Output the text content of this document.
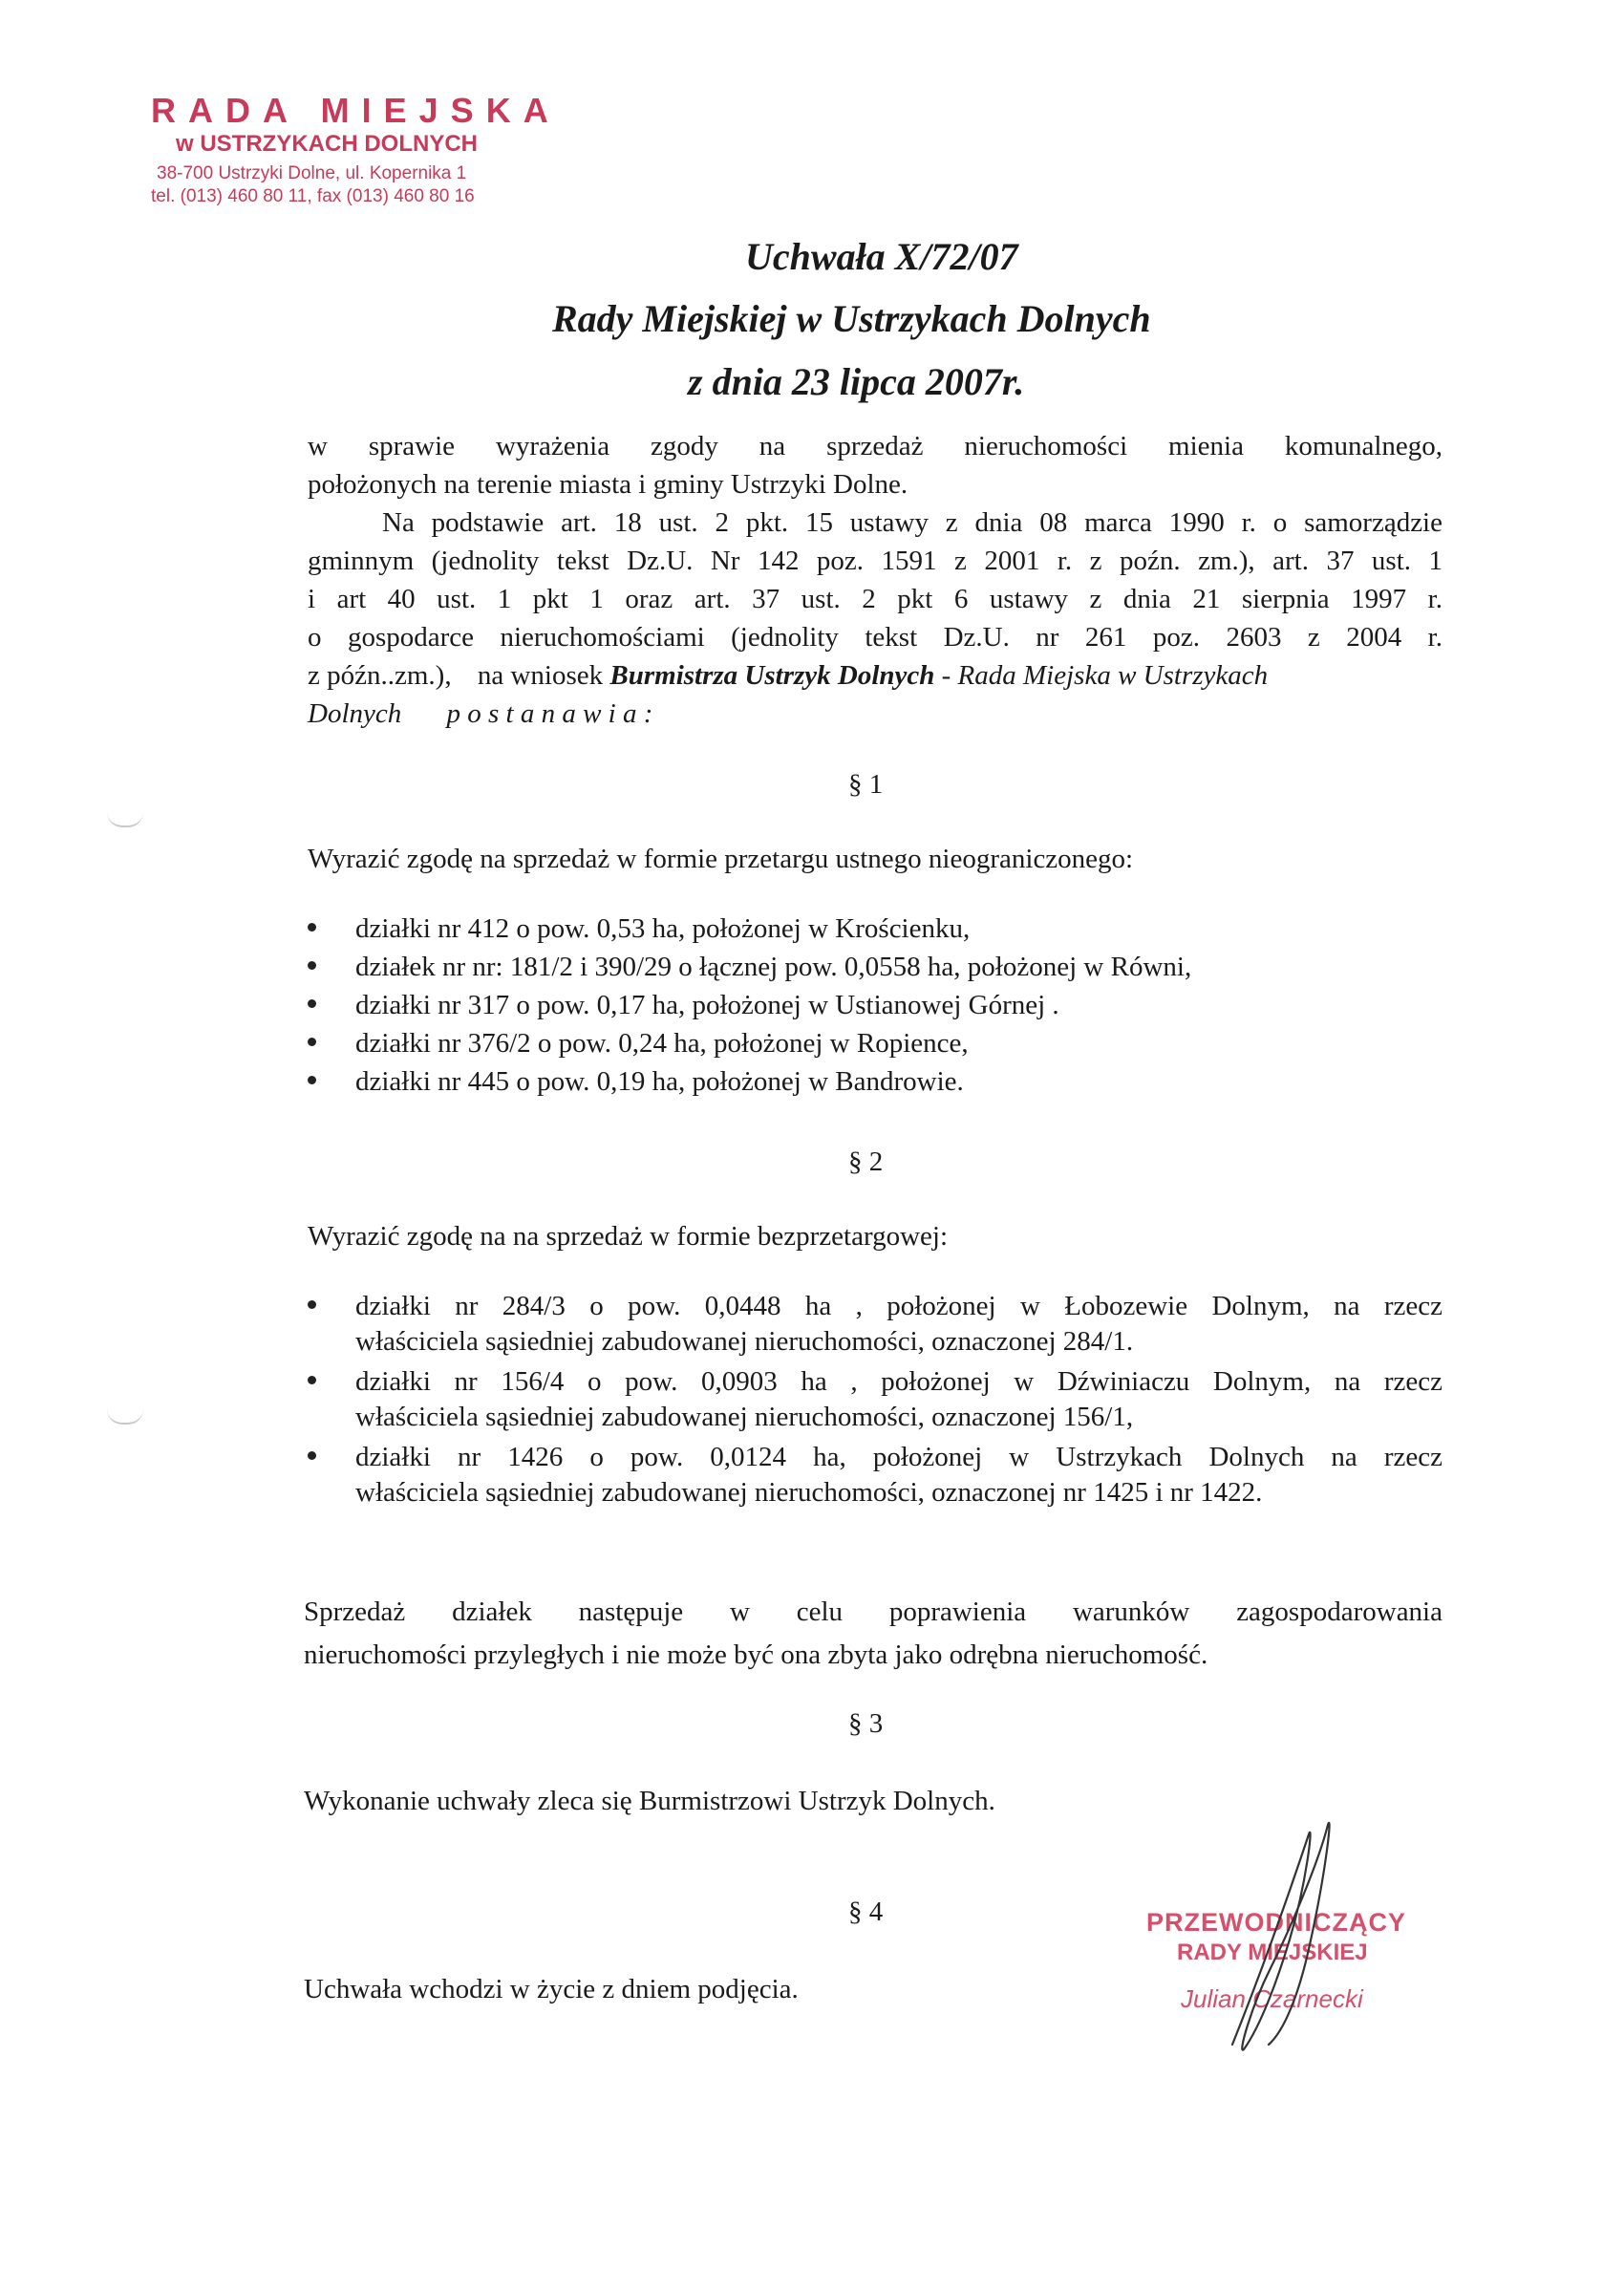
RADA MIEJSKA
w USTRZYKACH DOLNYCH
38-700 Ustrzyki Dolne, ul. Kopernika 1
tel. (013) 460 80 11, fax (013) 460 80 16
Uchwała X/72/07
Rady Miejskiej w Ustrzykach Dolnych
z dnia 23 lipca 2007r.
w sprawie wyrażenia zgody na sprzedaż nieruchomości mienia komunalnego,
położonych na terenie miasta i gminy Ustrzyki Dolne.
Na podstawie art. 18 ust. 2 pkt. 15 ustawy z dnia 08 marca 1990 r. o samorządzie
gminnym (jednolity tekst Dz.U. Nr 142 poz. 1591 z 2001 r. z poźn. zm.), art. 37 ust. 1
i art 40 ust. 1 pkt 1 oraz art. 37 ust. 2 pkt 6 ustawy z dnia 21 sierpnia 1997 r.
o gospodarce nieruchomościami (jednolity tekst Dz.U. nr 261 poz. 2603 z 2004 r.
z późn..zm.), na wniosek Burmistrza Ustrzyk Dolnych - Rada Miejska w Ustrzykach
Dolnych p o s t a n a w i a :
§ 1
Wyrazić zgodę na sprzedaż w formie przetargu ustnego nieograniczonego:
działki nr 412 o pow. 0,53 ha, położonej w Krościenku,
działek nr nr: 181/2 i 390/29 o łącznej pow. 0,0558 ha, położonej w Równi,
działki nr 317 o pow. 0,17 ha, położonej w Ustianowej Górnej .
działki nr 376/2 o pow. 0,24 ha, położonej w Ropience,
działki nr 445 o pow. 0,19 ha, położonej w Bandrowie.
§ 2
Wyrazić zgodę na na sprzedaż w formie bezprzetargowej:
działki nr 284/3 o pow. 0,0448 ha , położonej w Łobozewie Dolnym, na rzecz
właściciela sąsiedniej zabudowanej nieruchomości, oznaczonej 284/1.
działki nr 156/4 o pow. 0,0903 ha , położonej w Dźwiniaczu Dolnym, na rzecz
właściciela sąsiedniej zabudowanej nieruchomości, oznaczonej 156/1,
działki nr 1426 o pow. 0,0124 ha, położonej w Ustrzykach Dolnych na rzecz
właściciela sąsiedniej zabudowanej nieruchomości, oznaczonej nr 1425 i nr 1422.
Sprzedaż działek następuje w celu poprawienia warunków zagospodarowania
nieruchomości przyległych i nie może być ona zbyta jako odrębna nieruchomość.
§ 3
Wykonanie uchwały zleca się Burmistrzowi Ustrzyk Dolnych.
§ 4
Uchwała wchodzi w życie z dniem podjęcia.
PRZEWODNICZĄCY
RADY MIEJSKIEJ
Julian Czarnecki
